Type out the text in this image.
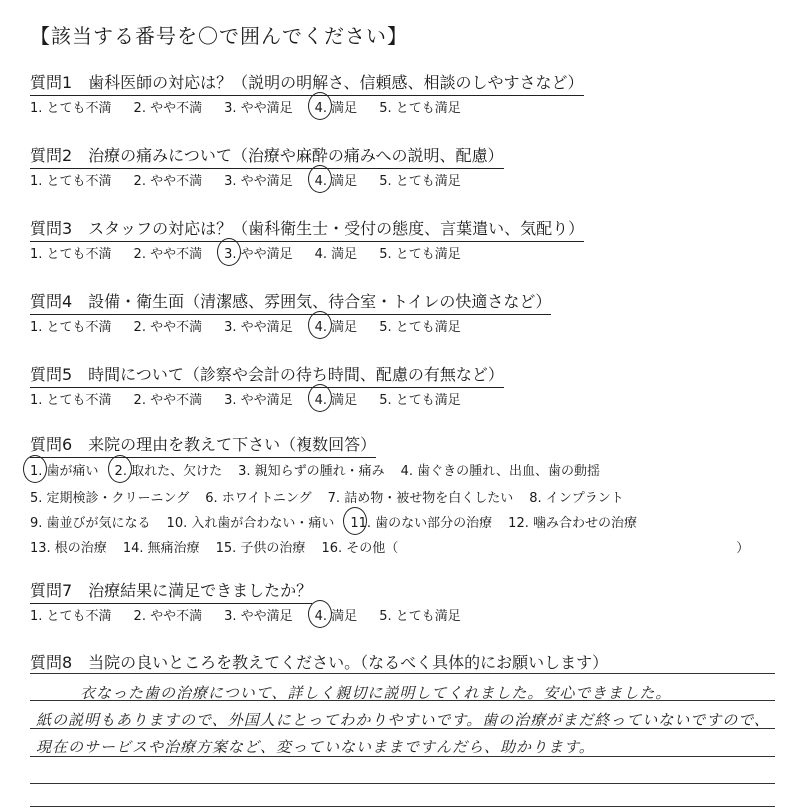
【該当する番号を〇で囲んでください】
質問1　歯科医師の対応は？（説明の明解さ、信頼感、相談のしやすさなど）
1. とても不満 2. やや不満 3. やや満足 4. 満足 5. とても満足
質問2　治療の痛みについて（治療や麻酔の痛みへの説明、配慮）
1. とても不満 2. やや不満 3. やや満足 4. 満足 5. とても満足
質問3　スタッフの対応は？（歯科衛生士・受付の態度、言葉遣い、気配り）
1. とても不満 2. やや不満 3. やや満足 4. 満足 5. とても満足
質問4　設備・衛生面（清潔感、雰囲気、待合室・トイレの快適さなど）
1. とても不満 2. やや不満 3. やや満足 4. 満足 5. とても満足
質問5　時間について（診察や会計の待ち時間、配慮の有無など）
1. とても不満 2. やや不満 3. やや満足 4. 満足 5. とても満足
質問6　来院の理由を教えて下さい（複数回答）
1. 歯が痛い 2. 取れた、欠けた 3. 親知らずの腫れ・痛み 4. 歯ぐきの腫れ、出血、歯の動揺
5. 定期検診・クリーニング 6. ホワイトニング 7. 詰め物・被せ物を白くしたい 8. インプラント
9. 歯並びが気になる 10. 入れ歯が合わない・痛い 11. 歯のない部分の治療 12. 噛み合わせの治療
13. 根の治療 14. 無痛治療 15. 子供の治療 16. その他（　　　　　　　　　　　　　　　　　　　　　　　　　　）
質問7　治療結果に満足できましたか？
1. とても不満 2. やや不満 3. やや満足 4. 満足 5. とても満足
質問8　当院の良いところを教えてください。（なるべく具体的にお願いします）
衣なった歯の治療について、詳しく親切に説明してくれました。安心できました。
紙の説明もありますので、外国人にとってわかりやすいです。歯の治療がまだ終っていないですので、
現在のサービスや治療方案など、変っていないままですんだら、助かります。
